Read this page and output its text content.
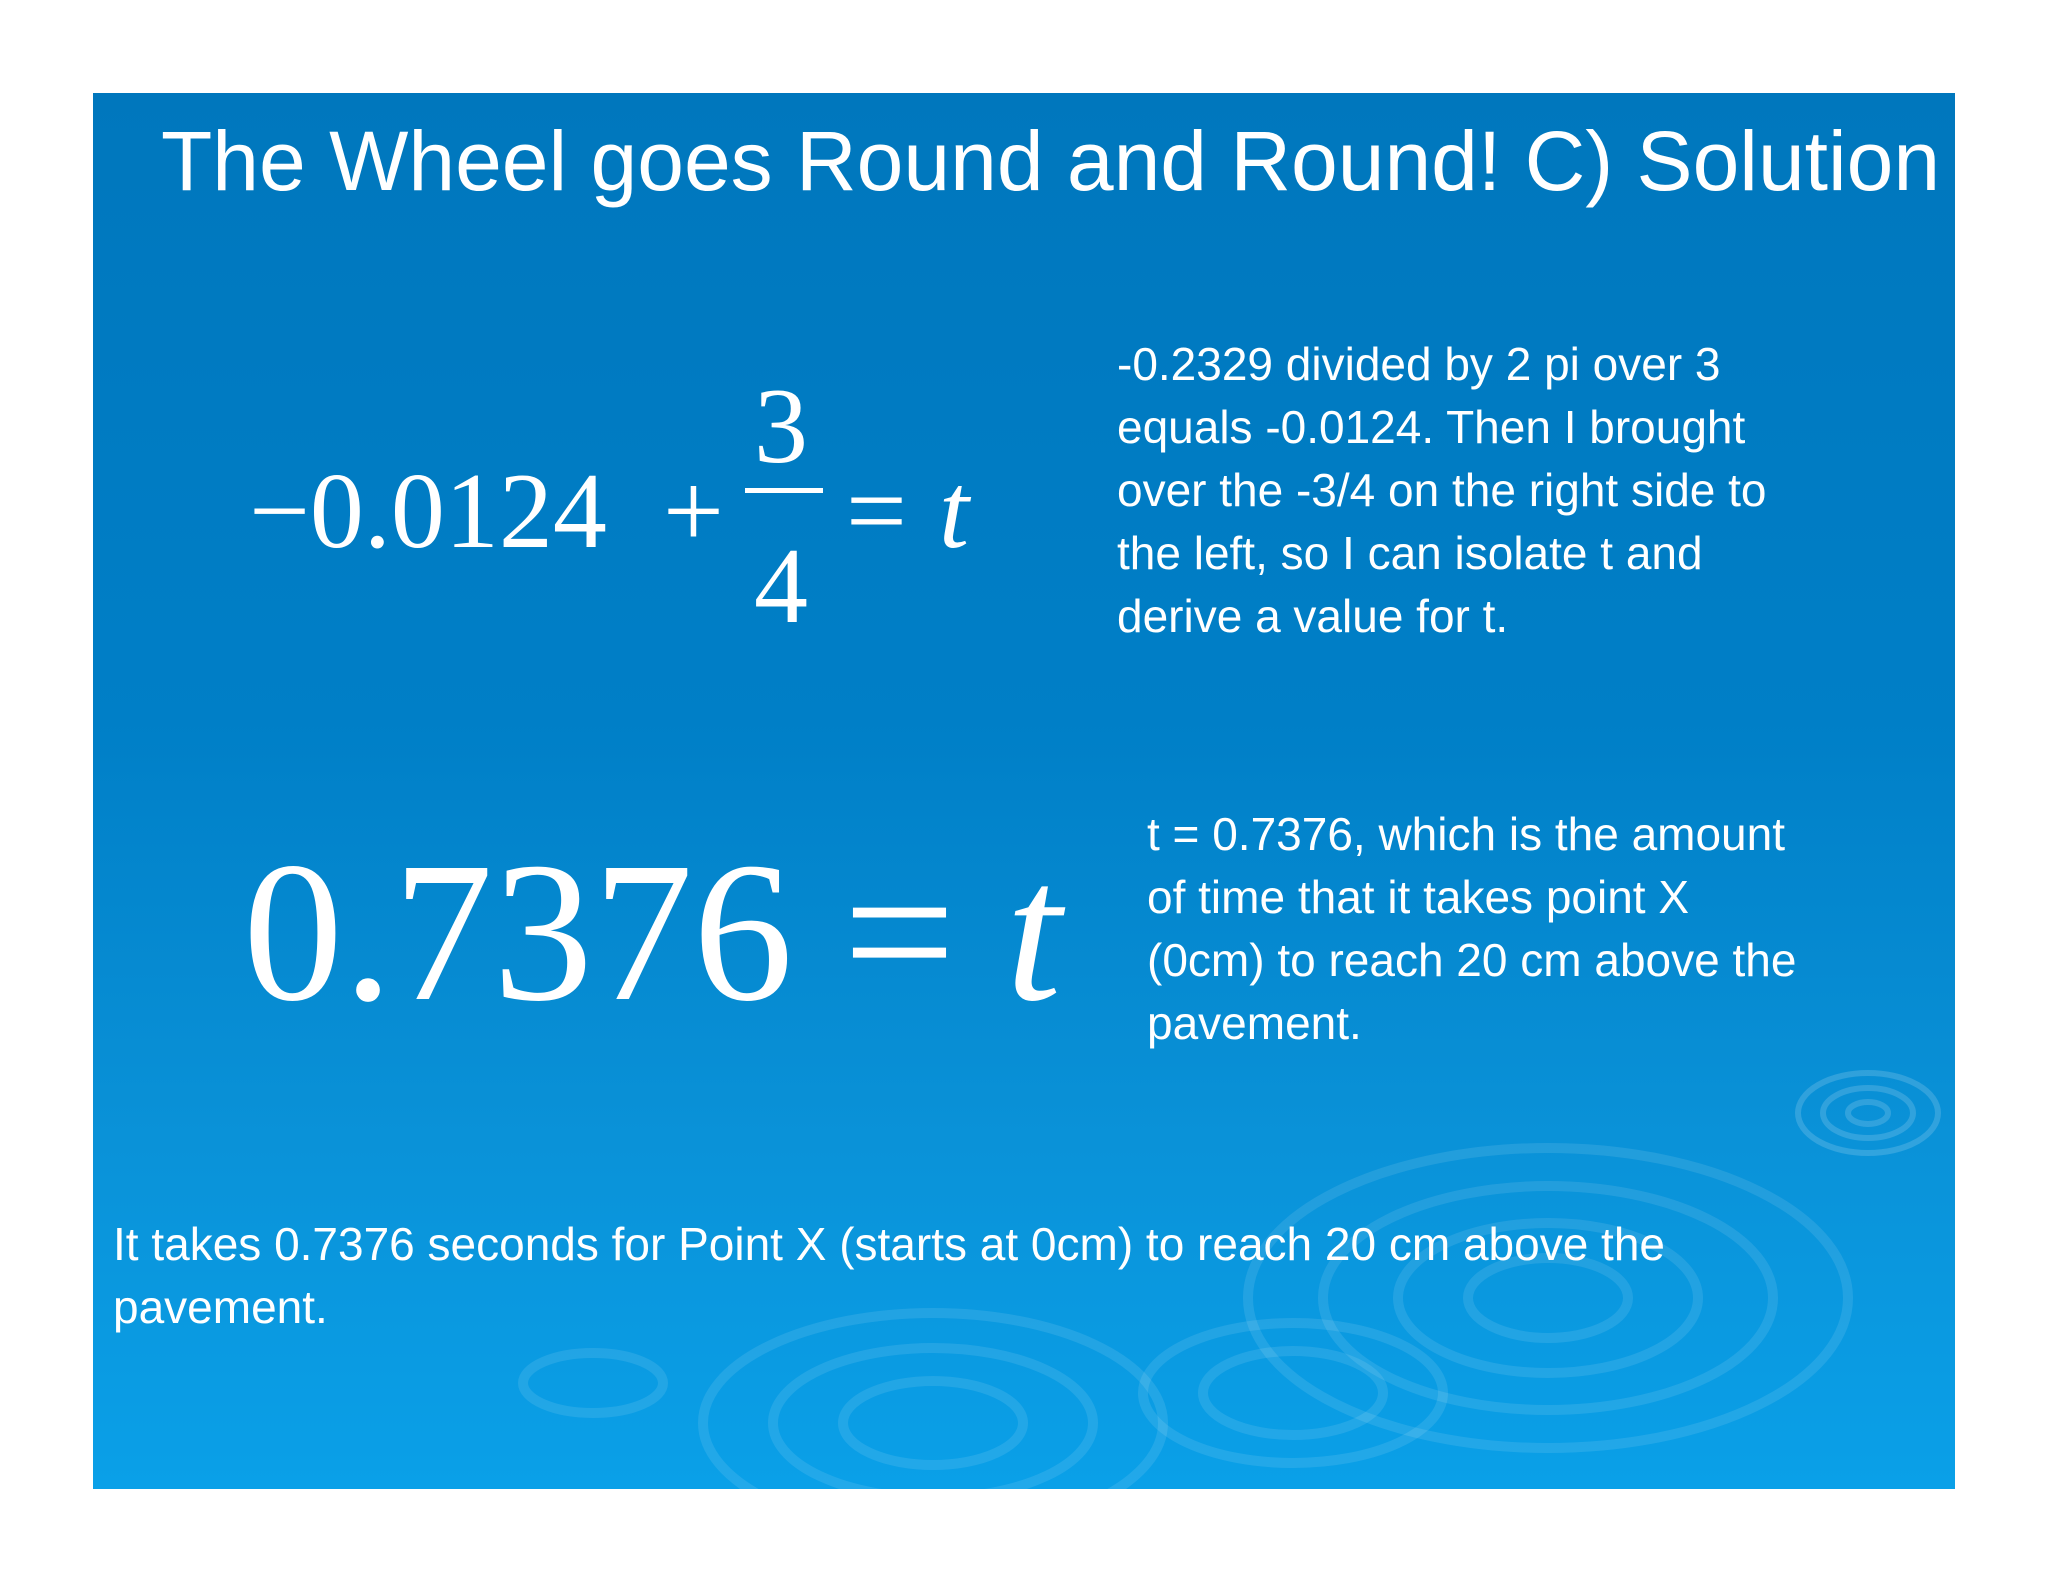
The Wheel goes Round and Round! C) Solution
−0.0124 +
3
4
= t
0.7376 = t
-0.2329 divided by 2 pi over 3
equals -0.0124. Then I brought
over the -3/4 on the right side to
the left, so I can isolate t and
derive a value for t.
t = 0.7376, which is the amount
of time that it takes point X
(0cm) to reach 20 cm above the
pavement.
It takes 0.7376 seconds for Point X (starts at 0cm) to reach 20 cm above the
pavement.
